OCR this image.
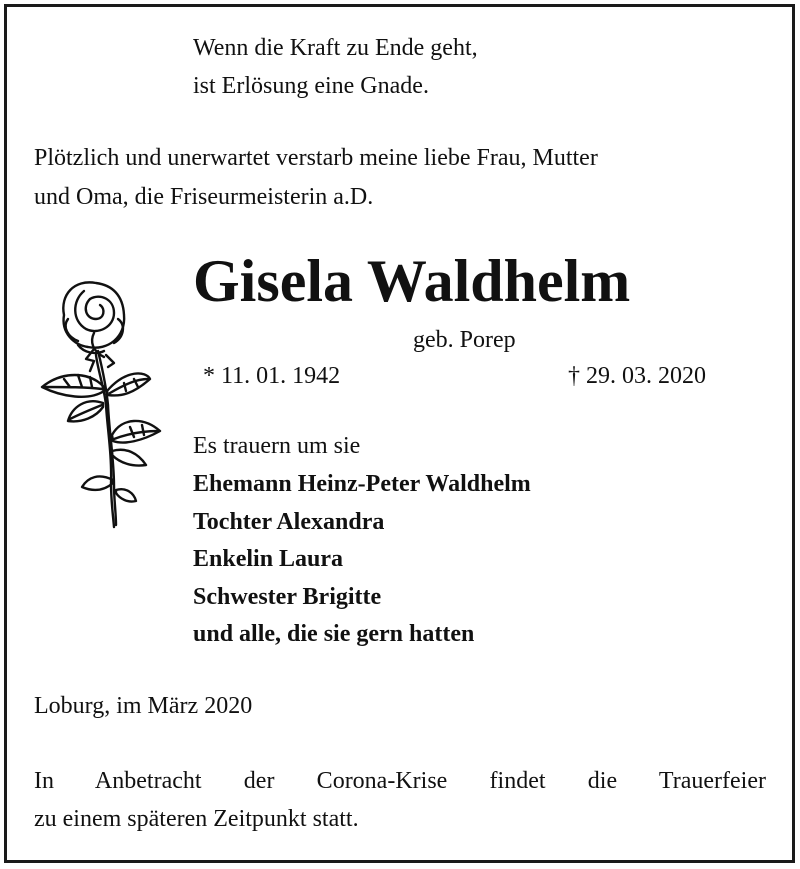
Wenn die Kraft zu Ende geht,

ist Erlösung eine Gnade.

Plötzlich und unerwartet verstarb meine liebe Frau, Mutter

und Oma, die Friseurmeisterin a.D.

Gisela Waldhelm

geb. Porep

* 11. 01. 1942	† 29. 03. 2020

Es trauern um sie

Ehemann Heinz-Peter Waldhelm

Tochter Alexandra

Enkelin Laura

Schwester Brigitte

und alle, die sie gern hatten

Loburg, im März 2020

In Anbetracht der Corona-Krise findet die Trauerfeier

zu einem späteren Zeitpunkt statt.
